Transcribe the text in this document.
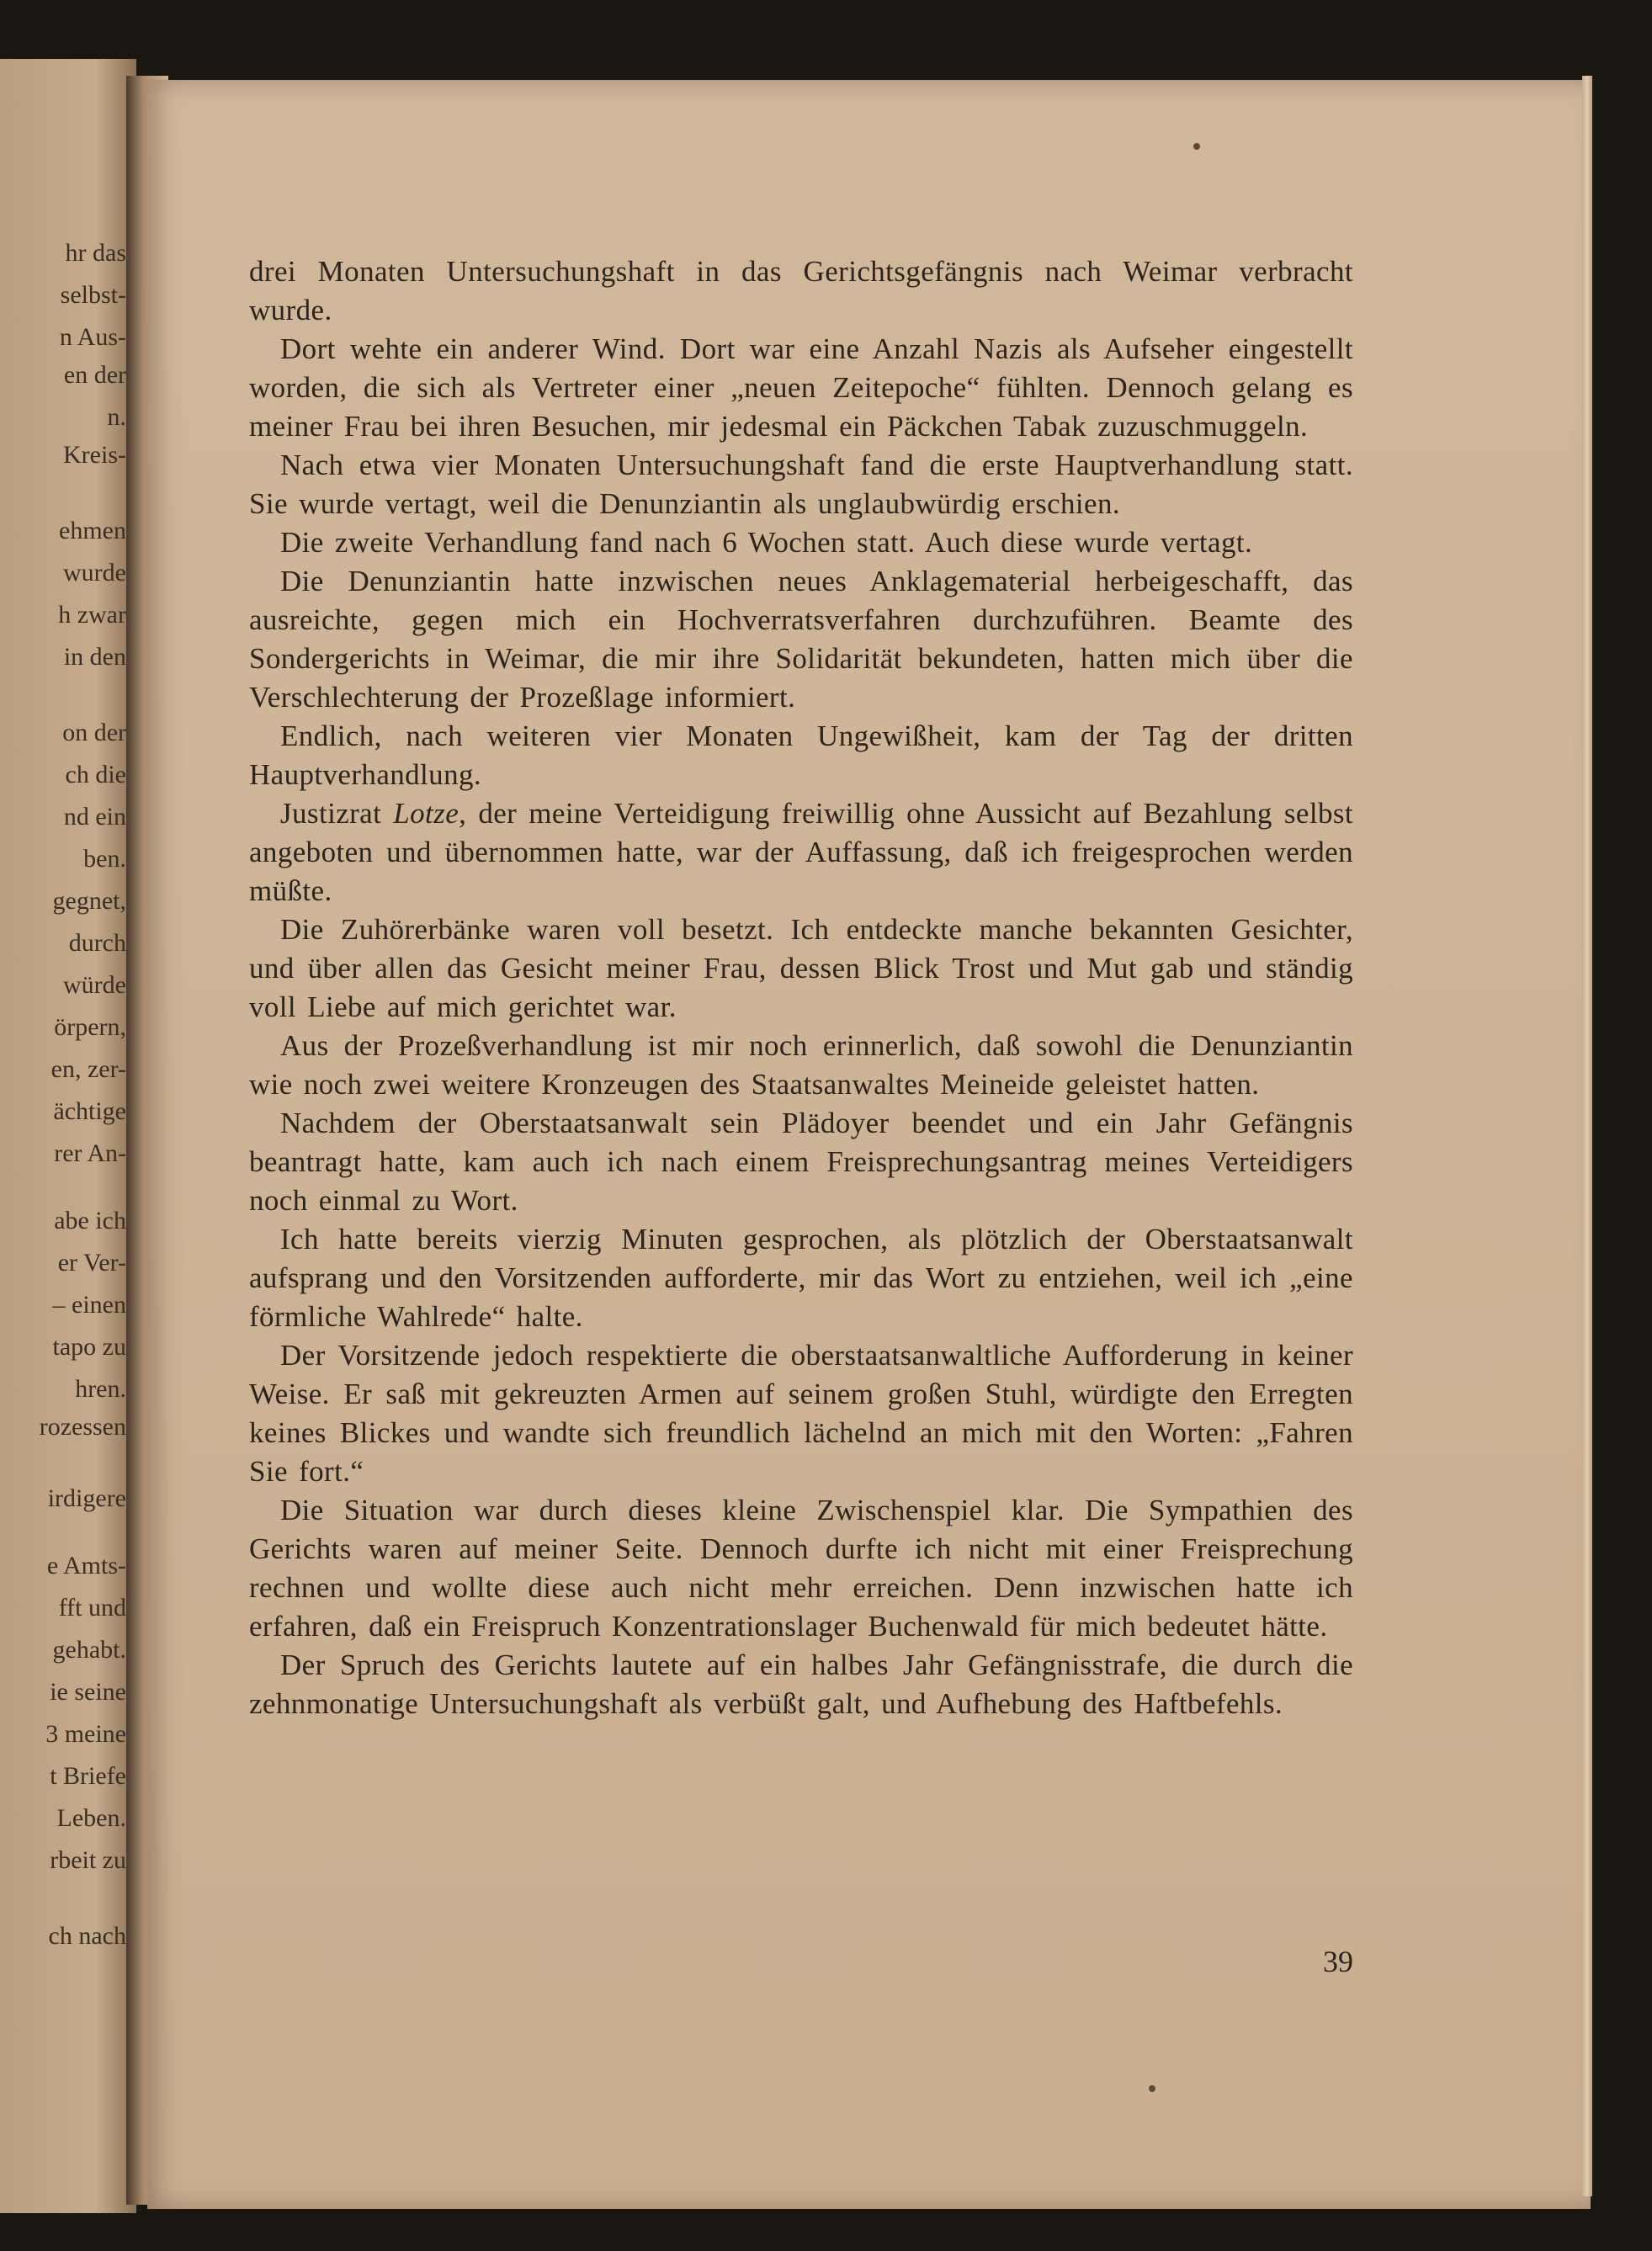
hr das
selbst-
n Aus-
en der
n.
Kreis-
ehmen
wurde
h zwar
in den
on der
ch die
nd ein
ben.
gegnet,
durch
würde
örpern,
en, zer-
ächtige
rer An-
abe ich
er Ver-
– einen
tapo zu
hren.
rozessen
irdigere
e Amts-
fft und
gehabt.
ie seine
3 meine
t Briefe
Leben.
rbeit zu
ch nach

drei Monaten Untersuchungshaft in das Gerichtsgefängnis nach Weimar verbracht wurde.

Dort wehte ein anderer Wind. Dort war eine Anzahl Nazis als Aufseher eingestellt worden, die sich als Vertreter einer „neuen Zeitepoche“ fühlten. Dennoch gelang es meiner Frau bei ihren Besuchen, mir jedesmal ein Päckchen Tabak zuzuschmuggeln.

Nach etwa vier Monaten Untersuchungshaft fand die erste Hauptverhandlung statt. Sie wurde vertagt, weil die Denunziantin als unglaubwürdig erschien.

Die zweite Verhandlung fand nach 6 Wochen statt. Auch diese wurde vertagt.

Die Denunziantin hatte inzwischen neues Anklagematerial herbeigeschafft, das ausreichte, gegen mich ein Hochverratsverfahren durchzuführen. Beamte des Sondergerichts in Weimar, die mir ihre Solidarität bekundeten, hatten mich über die Verschlechterung der Prozeßlage informiert.

Endlich, nach weiteren vier Monaten Ungewißheit, kam der Tag der dritten Hauptverhandlung.

Justizrat Lotze, der meine Verteidigung freiwillig ohne Aussicht auf Bezahlung selbst angeboten und übernommen hatte, war der Auffassung, daß ich freigesprochen werden müßte.

Die Zuhörerbänke waren voll besetzt. Ich entdeckte manche bekannten Gesichter, und über allen das Gesicht meiner Frau, dessen Blick Trost und Mut gab und ständig voll Liebe auf mich gerichtet war.

Aus der Prozeßverhandlung ist mir noch erinnerlich, daß sowohl die Denunziantin wie noch zwei weitere Kronzeugen des Staatsanwaltes Meineide geleistet hatten.

Nachdem der Oberstaatsanwalt sein Plädoyer beendet und ein Jahr Gefängnis beantragt hatte, kam auch ich nach einem Freisprechungsantrag meines Verteidigers noch einmal zu Wort.

Ich hatte bereits vierzig Minuten gesprochen, als plötzlich der Oberstaatsanwalt aufsprang und den Vorsitzenden aufforderte, mir das Wort zu entziehen, weil ich „eine förmliche Wahlrede“ halte.

Der Vorsitzende jedoch respektierte die oberstaatsanwaltliche Aufforderung in keiner Weise. Er saß mit gekreuzten Armen auf seinem großen Stuhl, würdigte den Erregten keines Blickes und wandte sich freundlich lächelnd an mich mit den Worten: „Fahren Sie fort.“

Die Situation war durch dieses kleine Zwischenspiel klar. Die Sympathien des Gerichts waren auf meiner Seite. Dennoch durfte ich nicht mit einer Freisprechung rechnen und wollte diese auch nicht mehr erreichen. Denn inzwischen hatte ich erfahren, daß ein Freispruch Konzentrationslager Buchenwald für mich bedeutet hätte.

Der Spruch des Gerichts lautete auf ein halbes Jahr Gefängnisstrafe, die durch die zehnmonatige Untersuchungshaft als verbüßt galt, und Aufhebung des Haftbefehls.

39
